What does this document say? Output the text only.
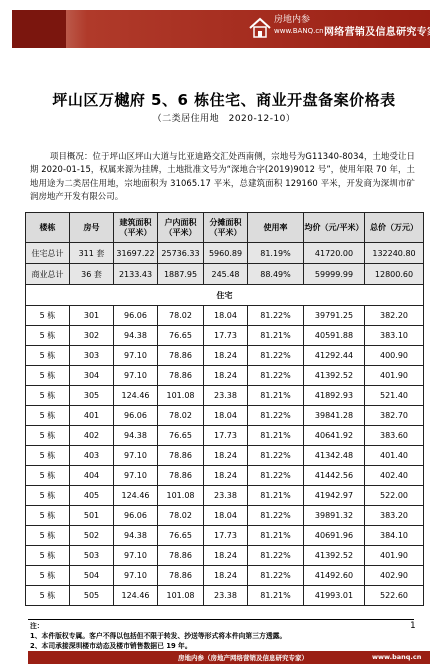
房地内参
www.BANQ.cn 网络营销及信息研究专家
坪山区万樾府 5、6 栋住宅、商业开盘备案价格表
（二类居住用地　2020-12-10）
项目概况：位于坪山区坪山大道与比亚迪路交汇处西南侧，宗地号为G11340-8034，土地受让日期 2020-01-15，权属来源为挂牌，土地批准文号为“深地合字(2019)9012 号”，使用年限 70 年，土地用途为二类居住用地，宗地面积为 31065.17 平米，总建筑面积 129160 平米，开发商为深圳市矿润房地产开发有限公司。
楼栋	房号	建筑面积（平米）	户内面积（平米）	分摊面积（平米）	使用率	均价（元/平米）	总价（万元）
住宅总计	311 套	31697.22	25736.33	5960.89	81.19%	41720.00	132240.80
商业总计	36 套	2133.43	1887.95	245.48	88.49%	59999.99	12800.60
住宅							
5 栋	301	96.06	78.02	18.04	81.22%	39791.25	382.20
5 栋	302	94.38	76.65	17.73	81.21%	40591.88	383.10
5 栋	303	97.10	78.86	18.24	81.22%	41292.44	400.90
5 栋	304	97.10	78.86	18.24	81.22%	41392.52	401.90
5 栋	305	124.46	101.08	23.38	81.21%	41892.93	521.40
5 栋	401	96.06	78.02	18.04	81.22%	39841.28	382.70
5 栋	402	94.38	76.65	17.73	81.21%	40641.92	383.60
5 栋	403	97.10	78.86	18.24	81.22%	41342.48	401.40
5 栋	404	97.10	78.86	18.24	81.22%	41442.56	402.40
5 栋	405	124.46	101.08	23.38	81.21%	41942.97	522.00
5 栋	501	96.06	78.02	18.04	81.22%	39891.32	383.20
5 栋	502	94.38	76.65	17.73	81.21%	40691.96	384.10
5 栋	503	97.10	78.86	18.24	81.22%	41392.52	401.90
5 栋	504	97.10	78.86	18.24	81.22%	41492.60	402.90
5 栋	505	124.46	101.08	23.38	81.21%	41993.01	522.60
注：
1、本件版权专属。客户不得以包括但不限于转发、抄送等形式将本件向第三方透露。
2、本司承接深圳楼市动态及楼市销售数据已 19 年。
1
房地内参（房地产网络营销及信息研究专家）	www.banq.cn
